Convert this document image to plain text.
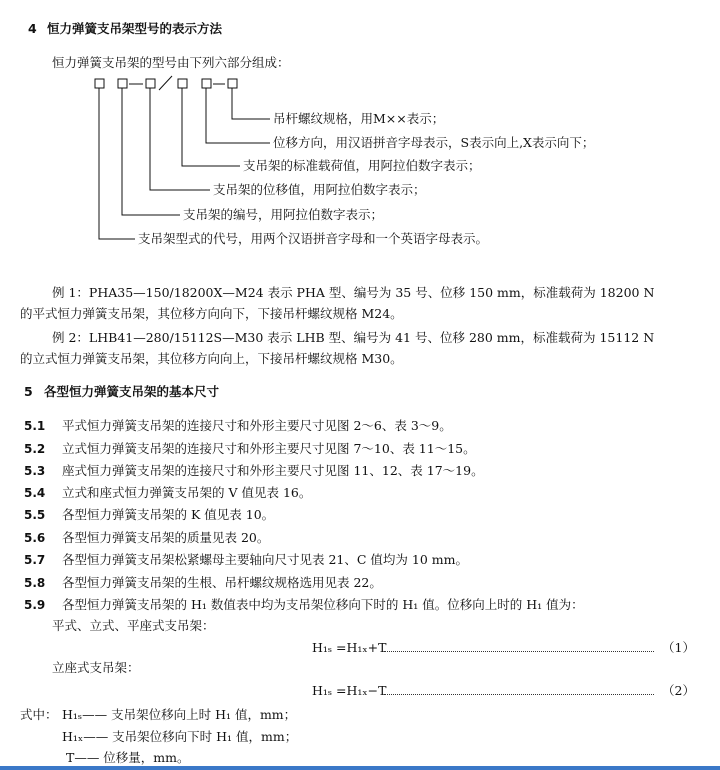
4 恒力弹簧支吊架型号的表示方法
恒力弹簧支吊架的型号由下列六部分组成：
吊杆螺纹规格，用M××表示；
位移方向，用汉语拼音字母表示，S表示向上,X表示向下；
支吊架的标准载荷值，用阿拉伯数字表示；
支吊架的位移值，用阿拉伯数字表示；
支吊架的编号，用阿拉伯数字表示；
支吊架型式的代号，用两个汉语拼音字母和一个英语字母表示。
例 1：PHA35—150/18200X—M24 表示 PHA 型、编号为 35 号、位移 150 mm，标准载荷为 18200 N
的平式恒力弹簧支吊架，其位移方向向下，下接吊杆螺纹规格 M24。
例 2：LHB41—280/15112S—M30 表示 LHB 型、编号为 41 号、位移 280 mm，标准载荷为 15112 N
的立式恒力弹簧支吊架，其位移方向向上，下接吊杆螺纹规格 M30。
5 各型恒力弹簧支吊架的基本尺寸
5.1 平式恒力弹簧支吊架的连接尺寸和外形主要尺寸见图 2～6、表 3～9。
5.2 立式恒力弹簧支吊架的连接尺寸和外形主要尺寸见图 7～10、表 11～15。
5.3 座式恒力弹簧支吊架的连接尺寸和外形主要尺寸见图 11、12、表 17～19。
5.4 立式和座式恒力弹簧支吊架的 V 值见表 16。
5.5 各型恒力弹簧支吊架的 K 值见表 10。
5.6 各型恒力弹簧支吊架的质量见表 20。
5.7 各型恒力弹簧支吊架松紧螺母主要轴向尺寸见表 21、C 值均为 10 mm。
5.8 各型恒力弹簧支吊架的生根、吊杆螺纹规格选用见表 22。
5.9 各型恒力弹簧支吊架的 H₁ 数值表中均为支吊架位移向下时的 H₁ 值。位移向上时的 H₁ 值为：
平式、立式、平座式支吊架：
H₁ₛ =H₁ₓ+T	（1）
立座式支吊架：
H₁ₛ =H₁ₓ−T	（2）
式中： H₁ₛ—— 支吊架位移向上时 H₁ 值，mm；
H₁ₓ—— 支吊架位移向下时 H₁ 值，mm；
T—— 位移量，mm。
